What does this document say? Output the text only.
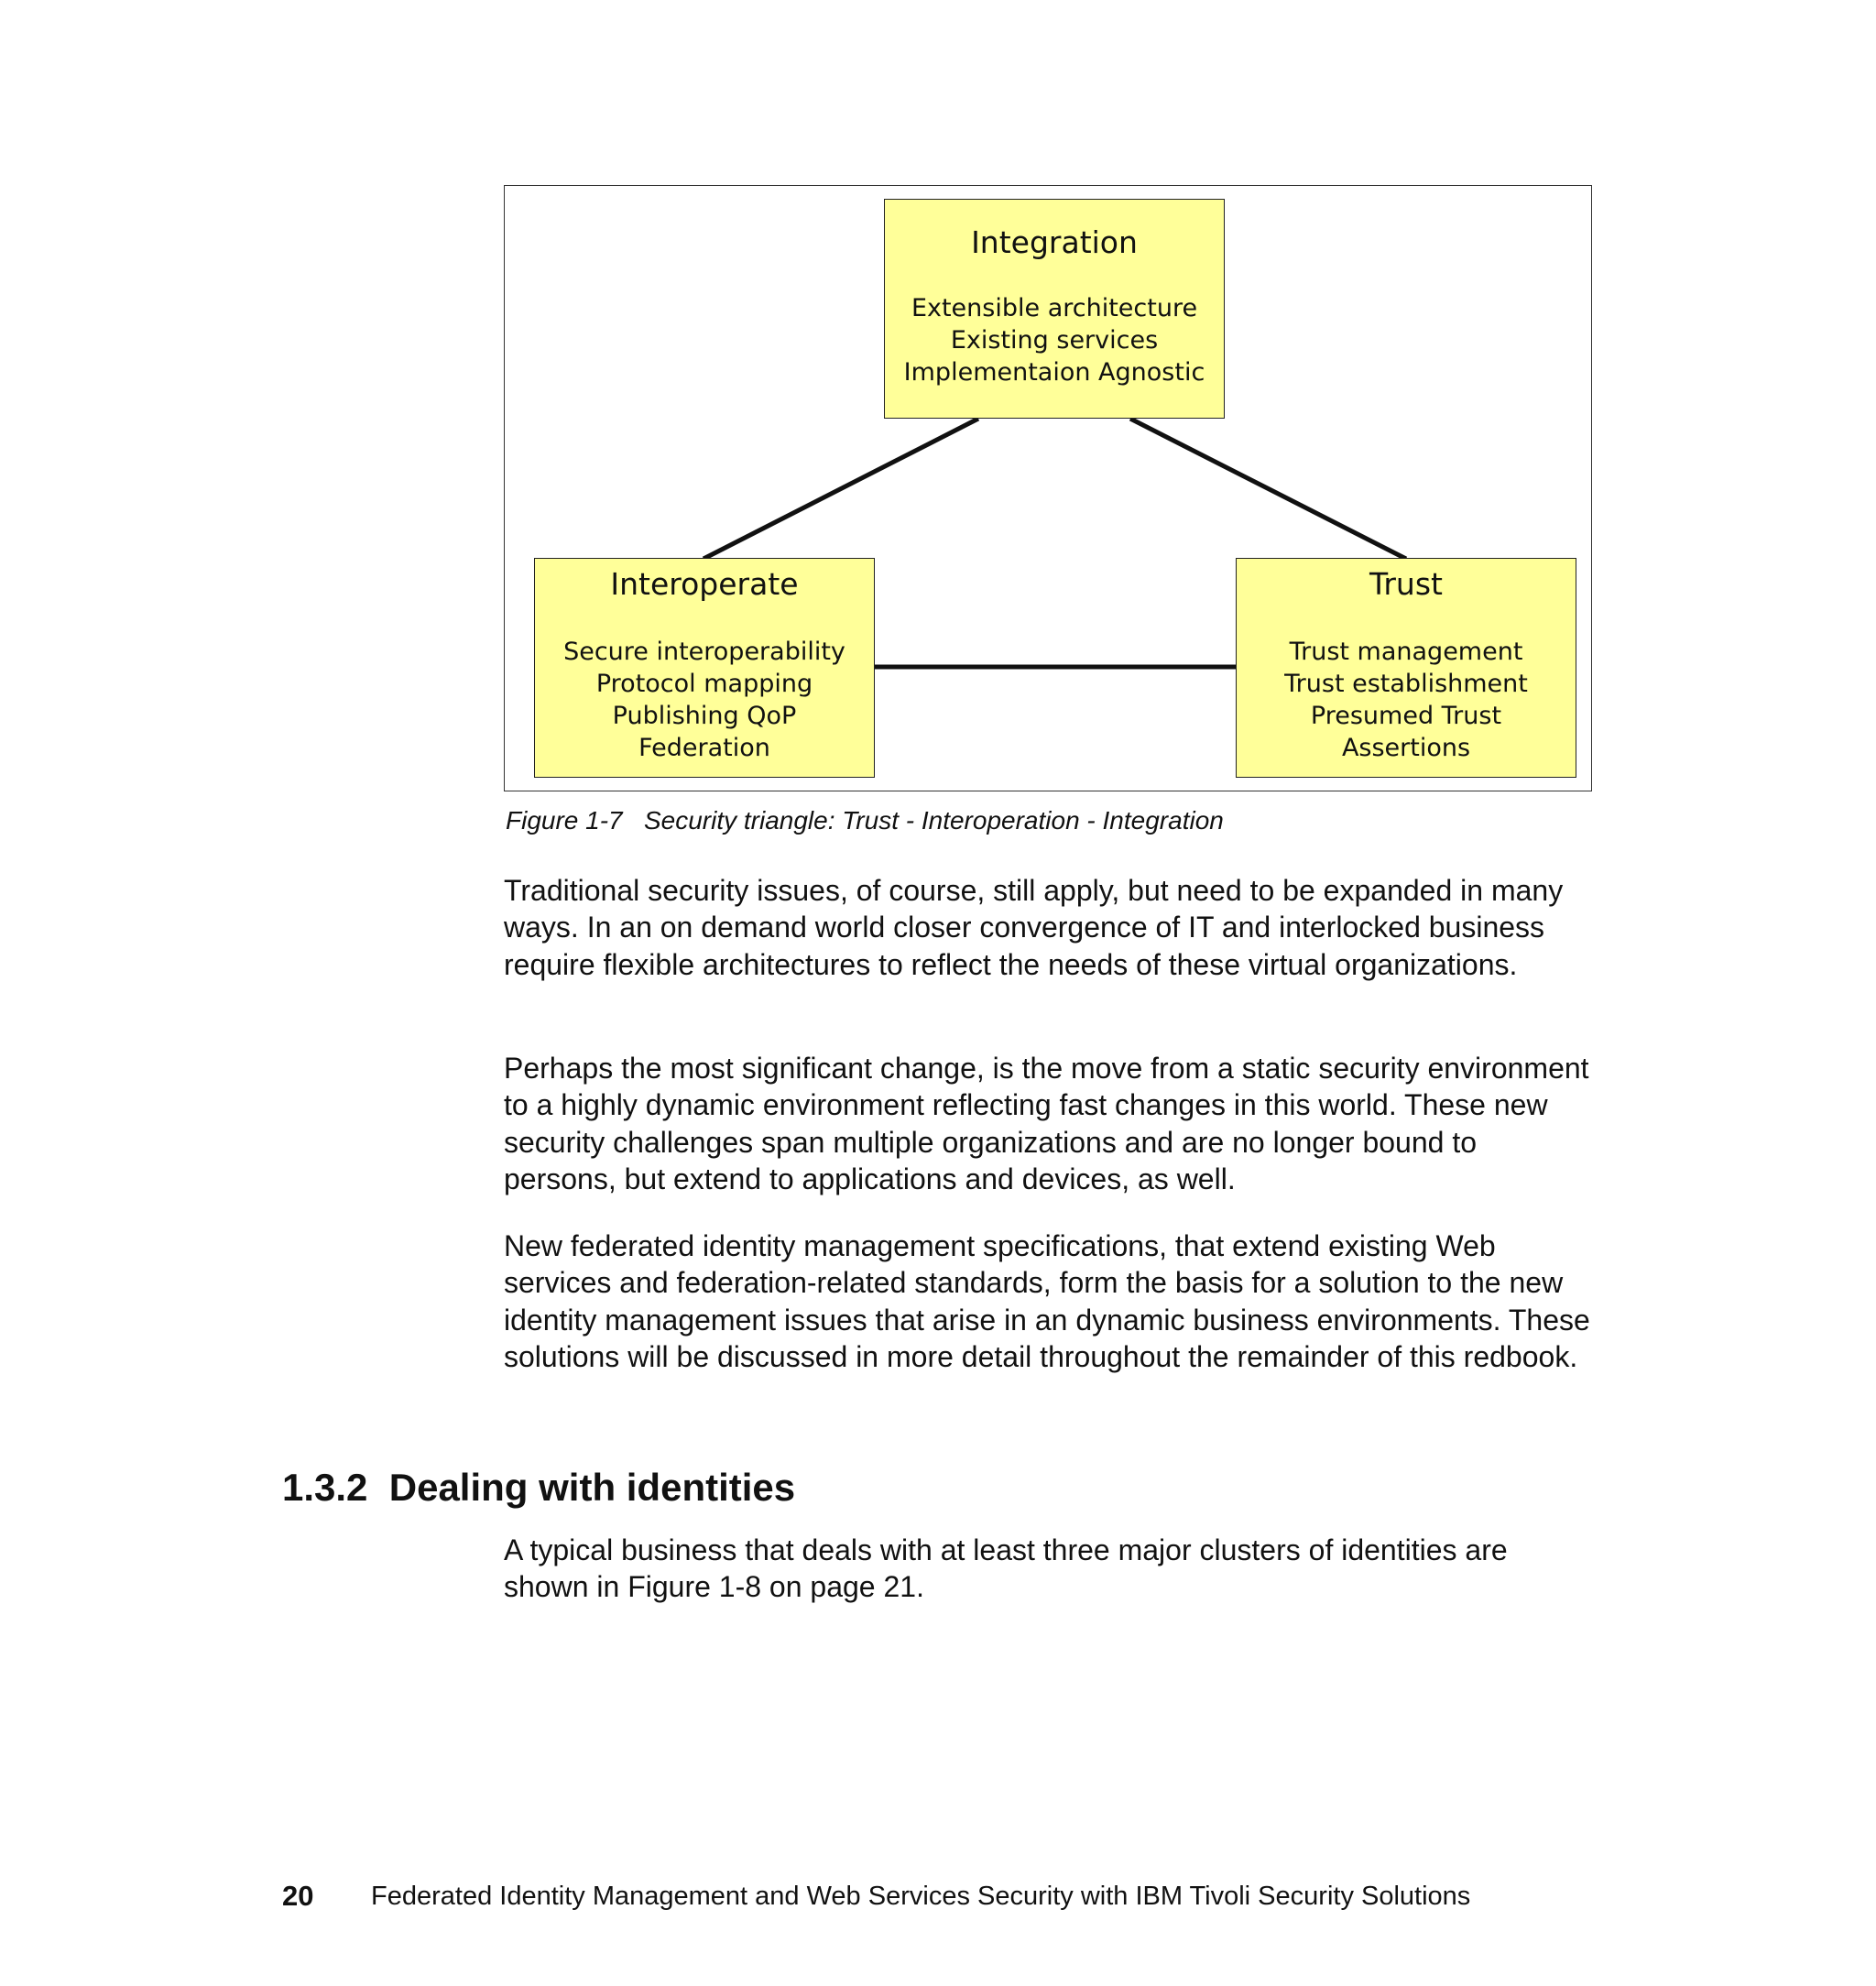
Integration
Extensible architecture
Existing services
Implementaion Agnostic
Interoperate
Secure interoperability
Protocol mapping
Publishing QoP
Federation
Trust
Trust management
Trust establishment
Presumed Trust
Assertions
Figure 1-7   Security triangle: Trust - Interoperation - Integration

Traditional security issues, of course, still apply, but need to be expanded in many ways. In an on demand world closer convergence of IT and interlocked business require flexible architectures to reflect the needs of these virtual organizations.

Perhaps the most significant change, is the move from a static security environment to a highly dynamic environment reflecting fast changes in this world. These new security challenges span multiple organizations and are no longer bound to persons, but extend to applications and devices, as well.

New federated identity management specifications, that extend existing Web services and federation-related standards, form the basis for a solution to the new identity management issues that arise in an dynamic business environments. These solutions will be discussed in more detail throughout the remainder of this redbook.

1.3.2  Dealing with identities

A typical business that deals with at least three major clusters of identities are shown in Figure 1-8 on page 21.

20 Federated Identity Management and Web Services Security with IBM Tivoli Security Solutions
